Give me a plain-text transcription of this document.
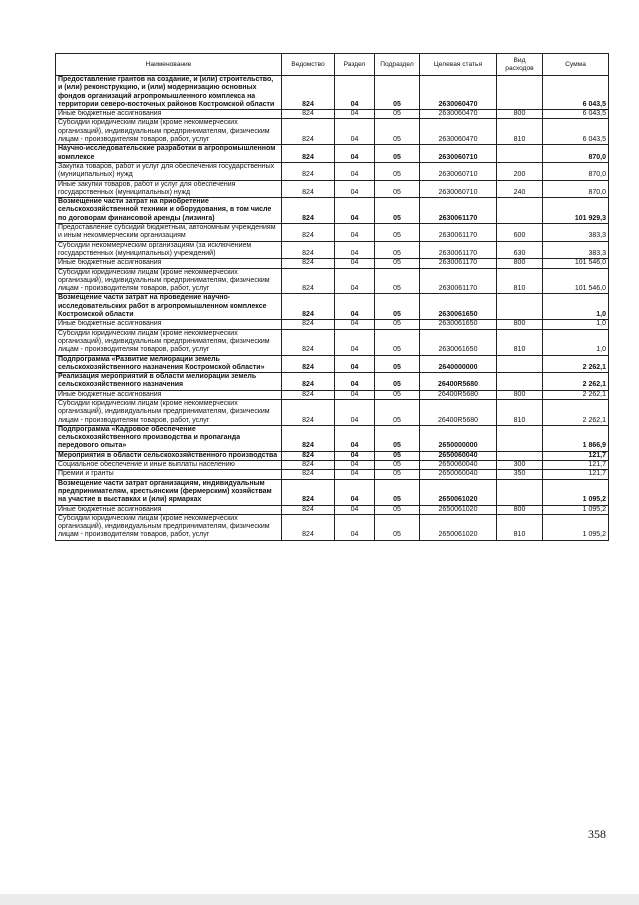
Наименование	Ведомство	Раздел	Подраздел	Целевая статья	Вид расходов	Сумма
Предоставление грантов на создание, и (или) строительство, и (или) реконструкцию, и (или) модернизацию основных фондов организаций агропромышленного комплекса на территории северо-восточных районов Костромской области	824	04	05	2630060470		6 043,5
Иные бюджетные ассигнования	824	04	05	2630060470	800	6 043,5
Субсидии юридическим лицам (кроме некоммерческих организаций), индивидуальным предпринимателям, физическим лицам - производителям товаров, работ, услуг	824	04	05	2630060470	810	6 043,5
Научно-исследовательские разработки в агропромышленном комплексе	824	04	05	2630060710		870,0
Закупка товаров, работ и услуг для обеспечения государственных (муниципальных) нужд	824	04	05	2630060710	200	870,0
Иные закупки товаров, работ и услуг для обеспечения государственных (муниципальных) нужд	824	04	05	2630060710	240	870,0
Возмещение части затрат на приобретение сельскохозяйственной техники и оборудования, в том числе по договорам финансовой аренды (лизинга)	824	04	05	2630061170		101 929,3
Предоставление субсидий бюджетным, автономным учреждениям и иным некоммерческим организациям	824	04	05	2630061170	600	383,3
Субсидии некоммерческим организациям (за исключением государственных (муниципальных) учреждений)	824	04	05	2630061170	630	383,3
Иные бюджетные ассигнования	824	04	05	2630061170	800	101 546,0
Субсидии юридическим лицам (кроме некоммерческих организаций), индивидуальным предпринимателям, физическим лицам - производителям товаров, работ, услуг	824	04	05	2630061170	810	101 546,0
Возмещение части затрат на проведение научно-исследовательских работ в агропромышленном комплексе Костромской области	824	04	05	2630061650		1,0
Иные бюджетные ассигнования	824	04	05	2630061650	800	1,0
Субсидии юридическим лицам (кроме некоммерческих организаций), индивидуальным предпринимателям, физическим лицам - производителям товаров, работ, услуг	824	04	05	2630061650	810	1,0
Подпрограмма «Развитие мелиорации земель сельскохозяйственного назначения Костромской области»	824	04	05	2640000000		2 262,1
Реализация мероприятий в области мелиорации земель сельскохозяйственного назначения	824	04	05	26400R5680		2 262,1
Иные бюджетные ассигнования	824	04	05	26400R5680	800	2 262,1
Субсидии юридическим лицам (кроме некоммерческих организаций), индивидуальным предпринимателям, физическим лицам - производителям товаров, работ, услуг	824	04	05	26400R5680	810	2 262,1
Подпрограмма «Кадровое обеспечение сельскохозяйственного производства и пропаганда передового опыта»	824	04	05	2650000000		1 866,9
Мероприятия в области сельскохозяйственного производства	824	04	05	2650060040		121,7
Социальное обеспечение и иные выплаты населению	824	04	05	2650060040	300	121,7
Премии и гранты	824	04	05	2650060040	350	121,7
Возмещение части затрат организациям, индивидуальным предпринимателям, крестьянским (фермерским) хозяйствам на участие в выставках и (или) ярмарках	824	04	05	2650061020		1 095,2
Иные бюджетные ассигнования	824	04	05	2650061020	800	1 095,2
Субсидии юридическим лицам (кроме некоммерческих организаций), индивидуальным предпринимателям, физическим лицам - производителям товаров, работ, услуг	824	04	05	2650061020	810	1 095,2
358
